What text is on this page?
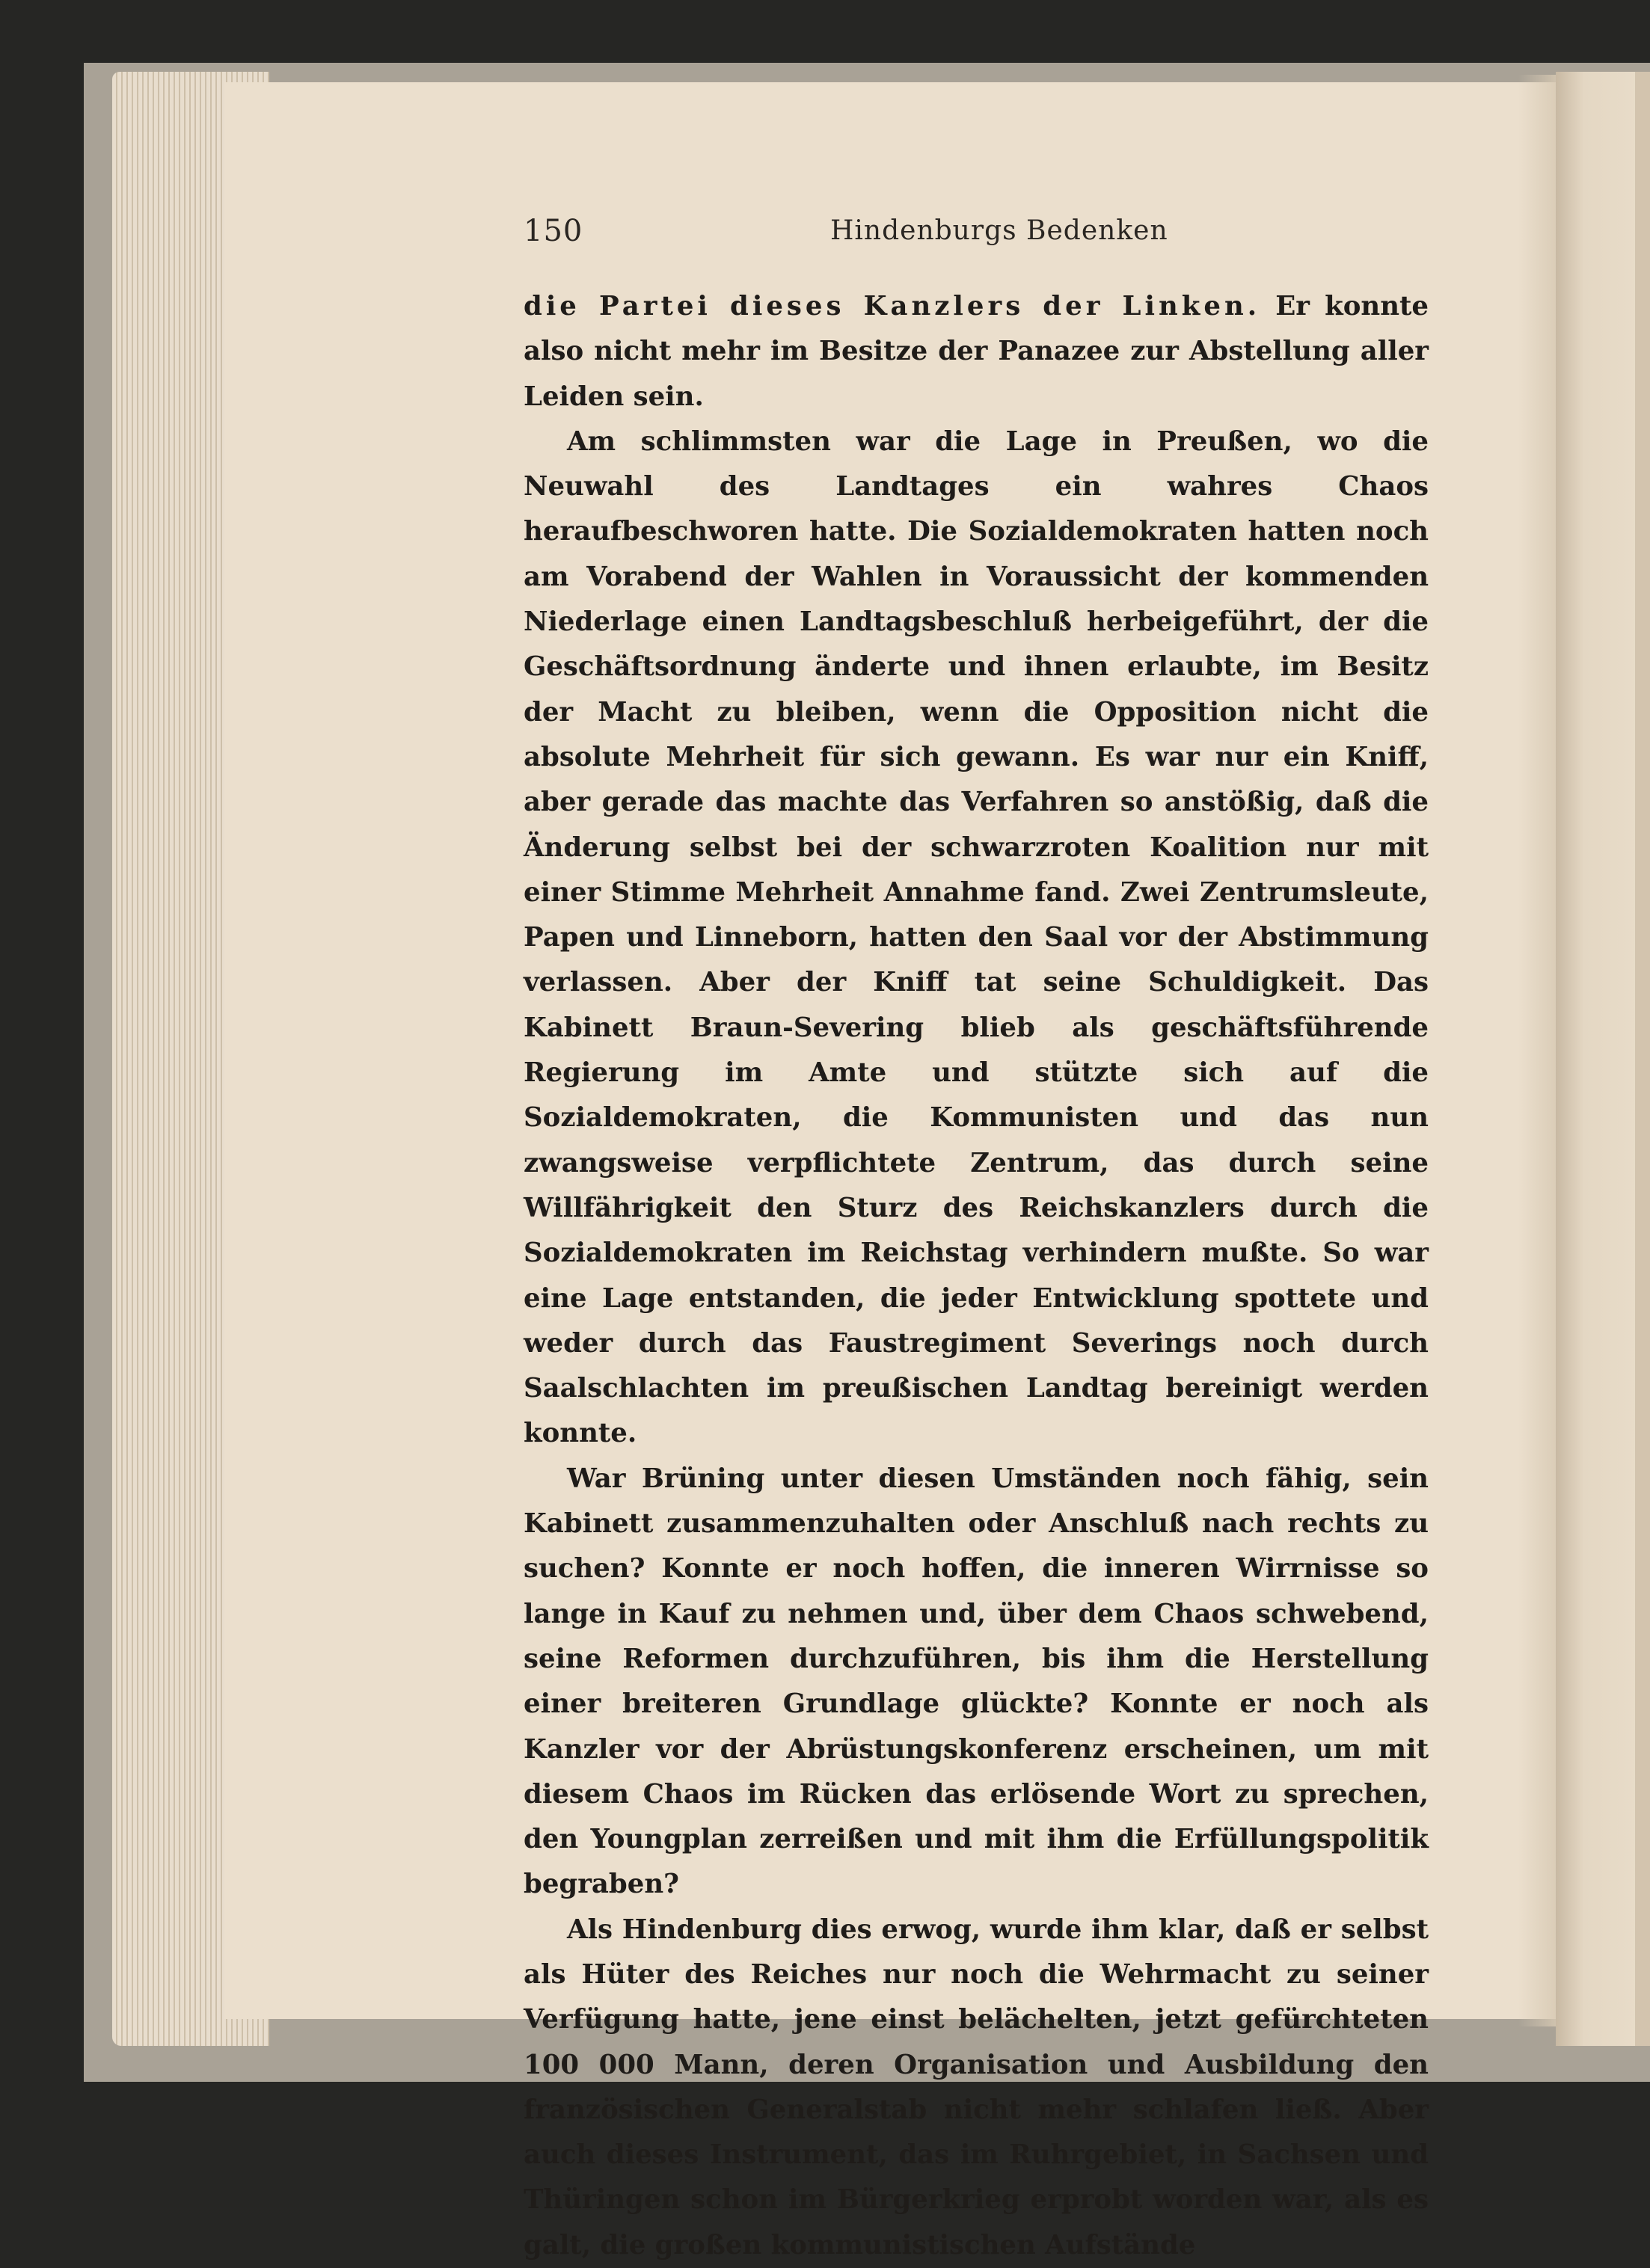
150	Hindenburgs Bedenken

die Partei dieses Kanzlers der Linken. Er konnte also nicht mehr im Besitze der Panazee zur Abstellung aller Leiden sein.

Am schlimmsten war die Lage in Preußen, wo die Neuwahl des Landtages ein wahres Chaos heraufbeschworen hatte. Die Sozialdemokraten hatten noch am Vorabend der Wahlen in Voraussicht der kommenden Niederlage einen Landtagsbeschluß herbeigeführt, der die Geschäftsordnung änderte und ihnen erlaubte, im Besitz der Macht zu bleiben, wenn die Opposition nicht die absolute Mehrheit für sich gewann. Es war nur ein Kniff, aber gerade das machte das Verfahren so anstößig, daß die Änderung selbst bei der schwarzroten Koalition nur mit einer Stimme Mehrheit Annahme fand. Zwei Zentrumsleute, Papen und Linneborn, hatten den Saal vor der Abstimmung verlassen. Aber der Kniff tat seine Schuldigkeit. Das Kabinett Braun-Severing blieb als geschäftsführende Regierung im Amte und stützte sich auf die Sozialdemokraten, die Kommunisten und das nun zwangsweise verpflichtete Zentrum, das durch seine Willfährigkeit den Sturz des Reichskanzlers durch die Sozialdemokraten im Reichstag verhindern mußte. So war eine Lage entstanden, die jeder Entwicklung spottete und weder durch das Faustregiment Severings noch durch Saalschlachten im preußischen Landtag bereinigt werden konnte.

War Brüning unter diesen Umständen noch fähig, sein Kabinett zusammenzuhalten oder Anschluß nach rechts zu suchen? Konnte er noch hoffen, die inneren Wirrnisse so lange in Kauf zu nehmen und, über dem Chaos schwebend, seine Reformen durchzuführen, bis ihm die Herstellung einer breiteren Grundlage glückte? Konnte er noch als Kanzler vor der Abrüstungskonferenz erscheinen, um mit diesem Chaos im Rücken das erlösende Wort zu sprechen, den Youngplan zerreißen und mit ihm die Erfüllungspolitik begraben?

Als Hindenburg dies erwog, wurde ihm klar, daß er selbst als Hüter des Reiches nur noch die Wehrmacht zu seiner Verfügung hatte, jene einst belächelten, jetzt gefürchteten 100 000 Mann, deren Organisation und Ausbildung den französischen Generalstab nicht mehr schlafen ließ. Aber auch dieses Instrument, das im Ruhrgebiet, in Sachsen und Thüringen schon im Bürgerkrieg erprobt worden war, als es galt, die großen kommunistischen Aufstände
